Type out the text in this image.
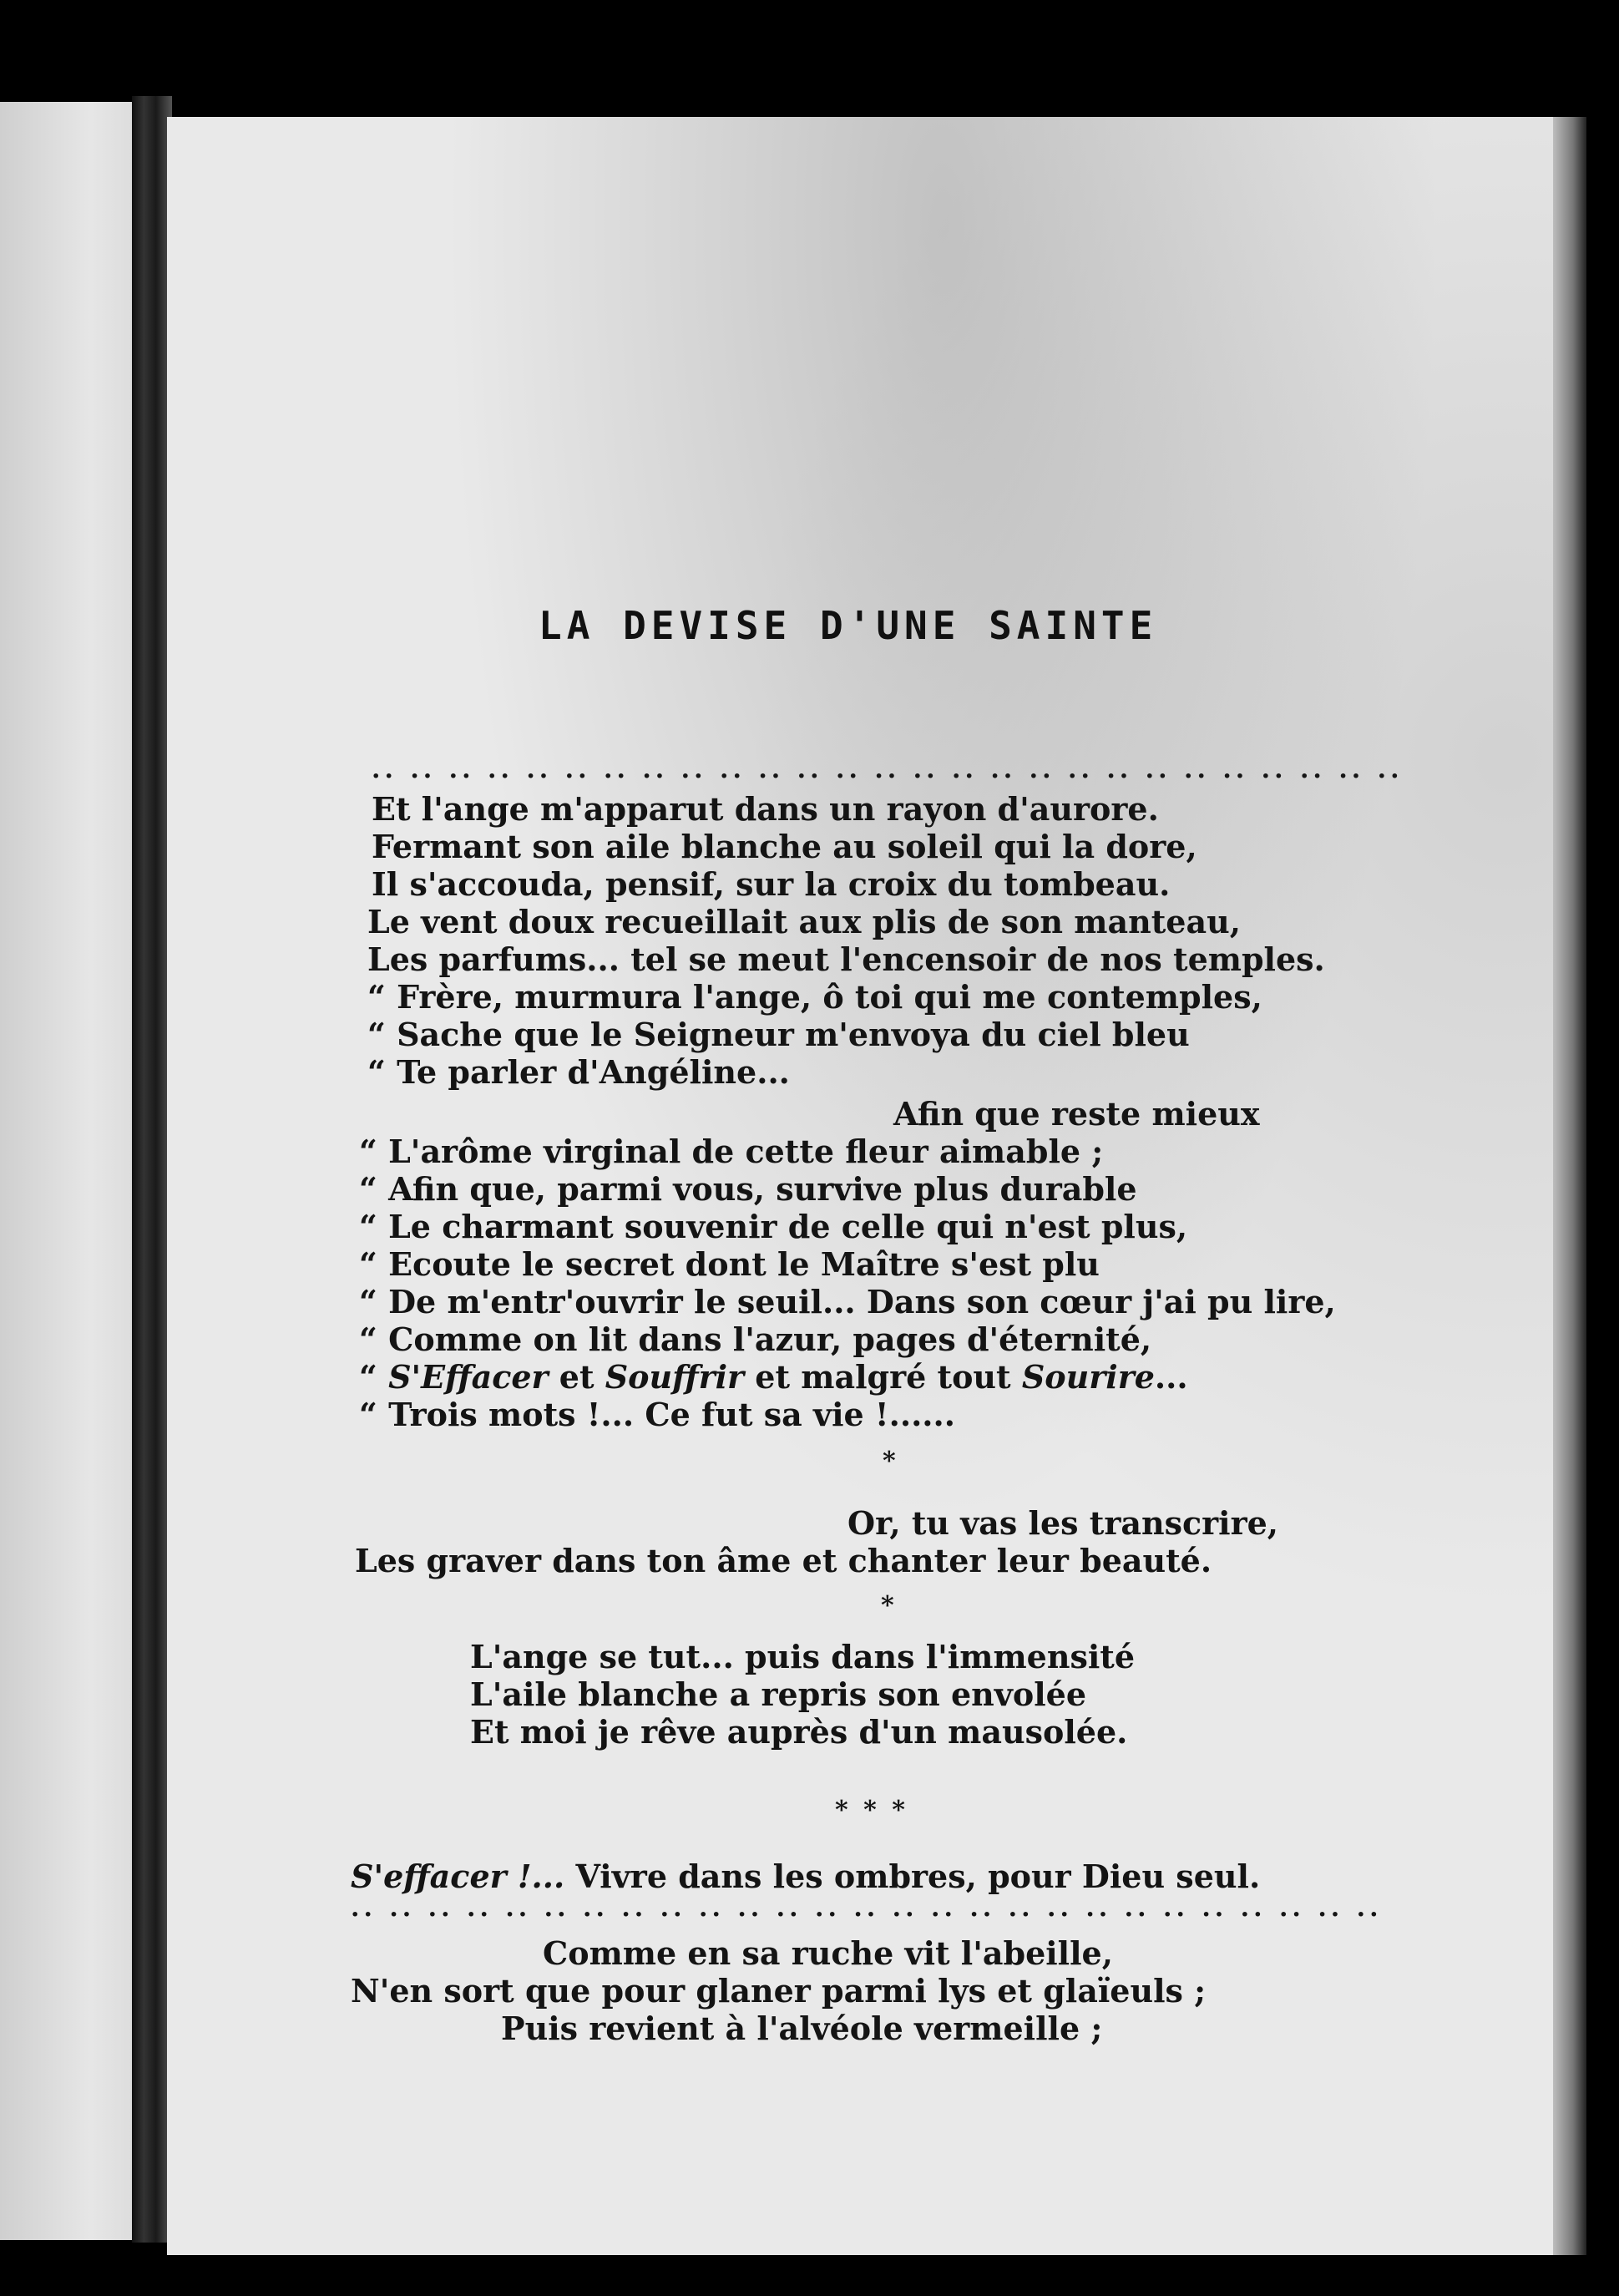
LA DEVISE D'UNE SAINTE
·· ·· ·· ·· ·· ·· ·· ·· ·· ·· ·· ·· ·· ·· ·· ·· ·· ·· ·· ·· ·· ·· ·· ·· ·· ·· ··
Et l'ange m'apparut dans un rayon d'aurore.
Fermant son aile blanche au soleil qui la dore,
Il s'accouda, pensif, sur la croix du tombeau.
Le vent doux recueillait aux plis de son manteau,
Les parfums... tel se meut l'encensoir de nos temples.
“ Frère, murmura l'ange, ô toi qui me contemples,
“ Sache que le Seigneur m'envoya du ciel bleu
“ Te parler d'Angéline...
Afin que reste mieux
“ L'arôme virginal de cette fleur aimable ;
“ Afin que, parmi vous, survive plus durable
“ Le charmant souvenir de celle qui n'est plus,
“ Ecoute le secret dont le Maître s'est plu
“ De m'entr'ouvrir le seuil... Dans son cœur j'ai pu lire,
“ Comme on lit dans l'azur, pages d'éternité,
“ S'Effacer et Souffrir et malgré tout Sourire...
“ Trois mots !... Ce fut sa vie !......
*
Or, tu vas les transcrire,
Les graver dans ton âme et chanter leur beauté.
*
L'ange se tut... puis dans l'immensité
L'aile blanche a repris son envolée
Et moi je rêve auprès d'un mausolée.
* * *
S'effacer !... Vivre dans les ombres, pour Dieu seul.
·· ·· ·· ·· ·· ·· ·· ·· ·· ·· ·· ·· ·· ·· ·· ·· ·· ·· ·· ·· ·· ·· ·· ·· ·· ·· ··
Comme en sa ruche vit l'abeille,
N'en sort que pour glaner parmi lys et glaïeuls ;
Puis revient à l'alvéole vermeille ;
